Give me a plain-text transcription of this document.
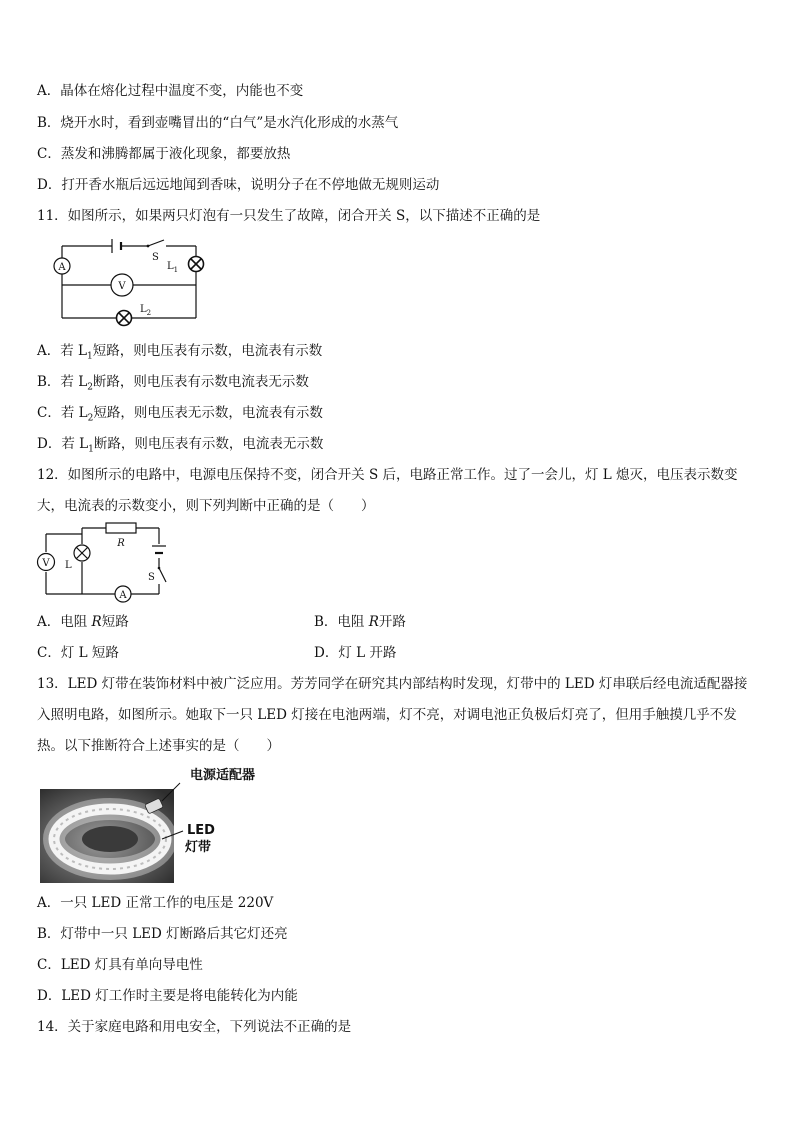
A．晶体在熔化过程中温度不变，内能也不变
B．烧开水时，看到壶嘴冒出的“白气”是水汽化形成的水蒸气
C．蒸发和沸腾都属于液化现象，都要放热
D．打开香水瓶后远远地闻到香味，说明分子在不停地做无规则运动
11．如图所示，如果两只灯泡有一只发生了故障，闭合开关 S，以下描述不正确的是
A
V
S
$L_1$
$L_2$
A．若 $L_1$短路，则电压表有示数，电流表有示数
B．若 $L_2$断路，则电压表有示数电流表无示数
C．若 $L_2$短路，则电压表无示数，电流表有示数
D．若 $L_1$断路，则电压表有示数，电流表无示数
12．如图所示的电路中，电源电压保持不变，闭合开关 S 后，电路正常工作。过了一会儿，灯 L 熄灭，电压表示数变
大，电流表的示数变小，则下列判断中正确的是（　　）
R
S
V L
A
A．电阻 R短路	B．电阻 R开路
C．灯 L 短路	D．灯 L 开路
13．LED 灯带在装饰材料中被广泛应用。芳芳同学在研究其内部结构时发现，灯带中的 LED 灯串联后经电流适配器接
入照明电路，如图所示。她取下一只 LED 灯接在电池两端，灯不亮，对调电池正负极后灯亮了，但用手触摸几乎不发
热。以下推断符合上述事实的是（　　）
电源适配器
LED
灯带
A．一只 LED 正常工作的电压是 220V
B．灯带中一只 LED 灯断路后其它灯还亮
C．LED 灯具有单向导电性
D．LED 灯工作时主要是将电能转化为内能
14．关于家庭电路和用电安全，下列说法不正确的是
